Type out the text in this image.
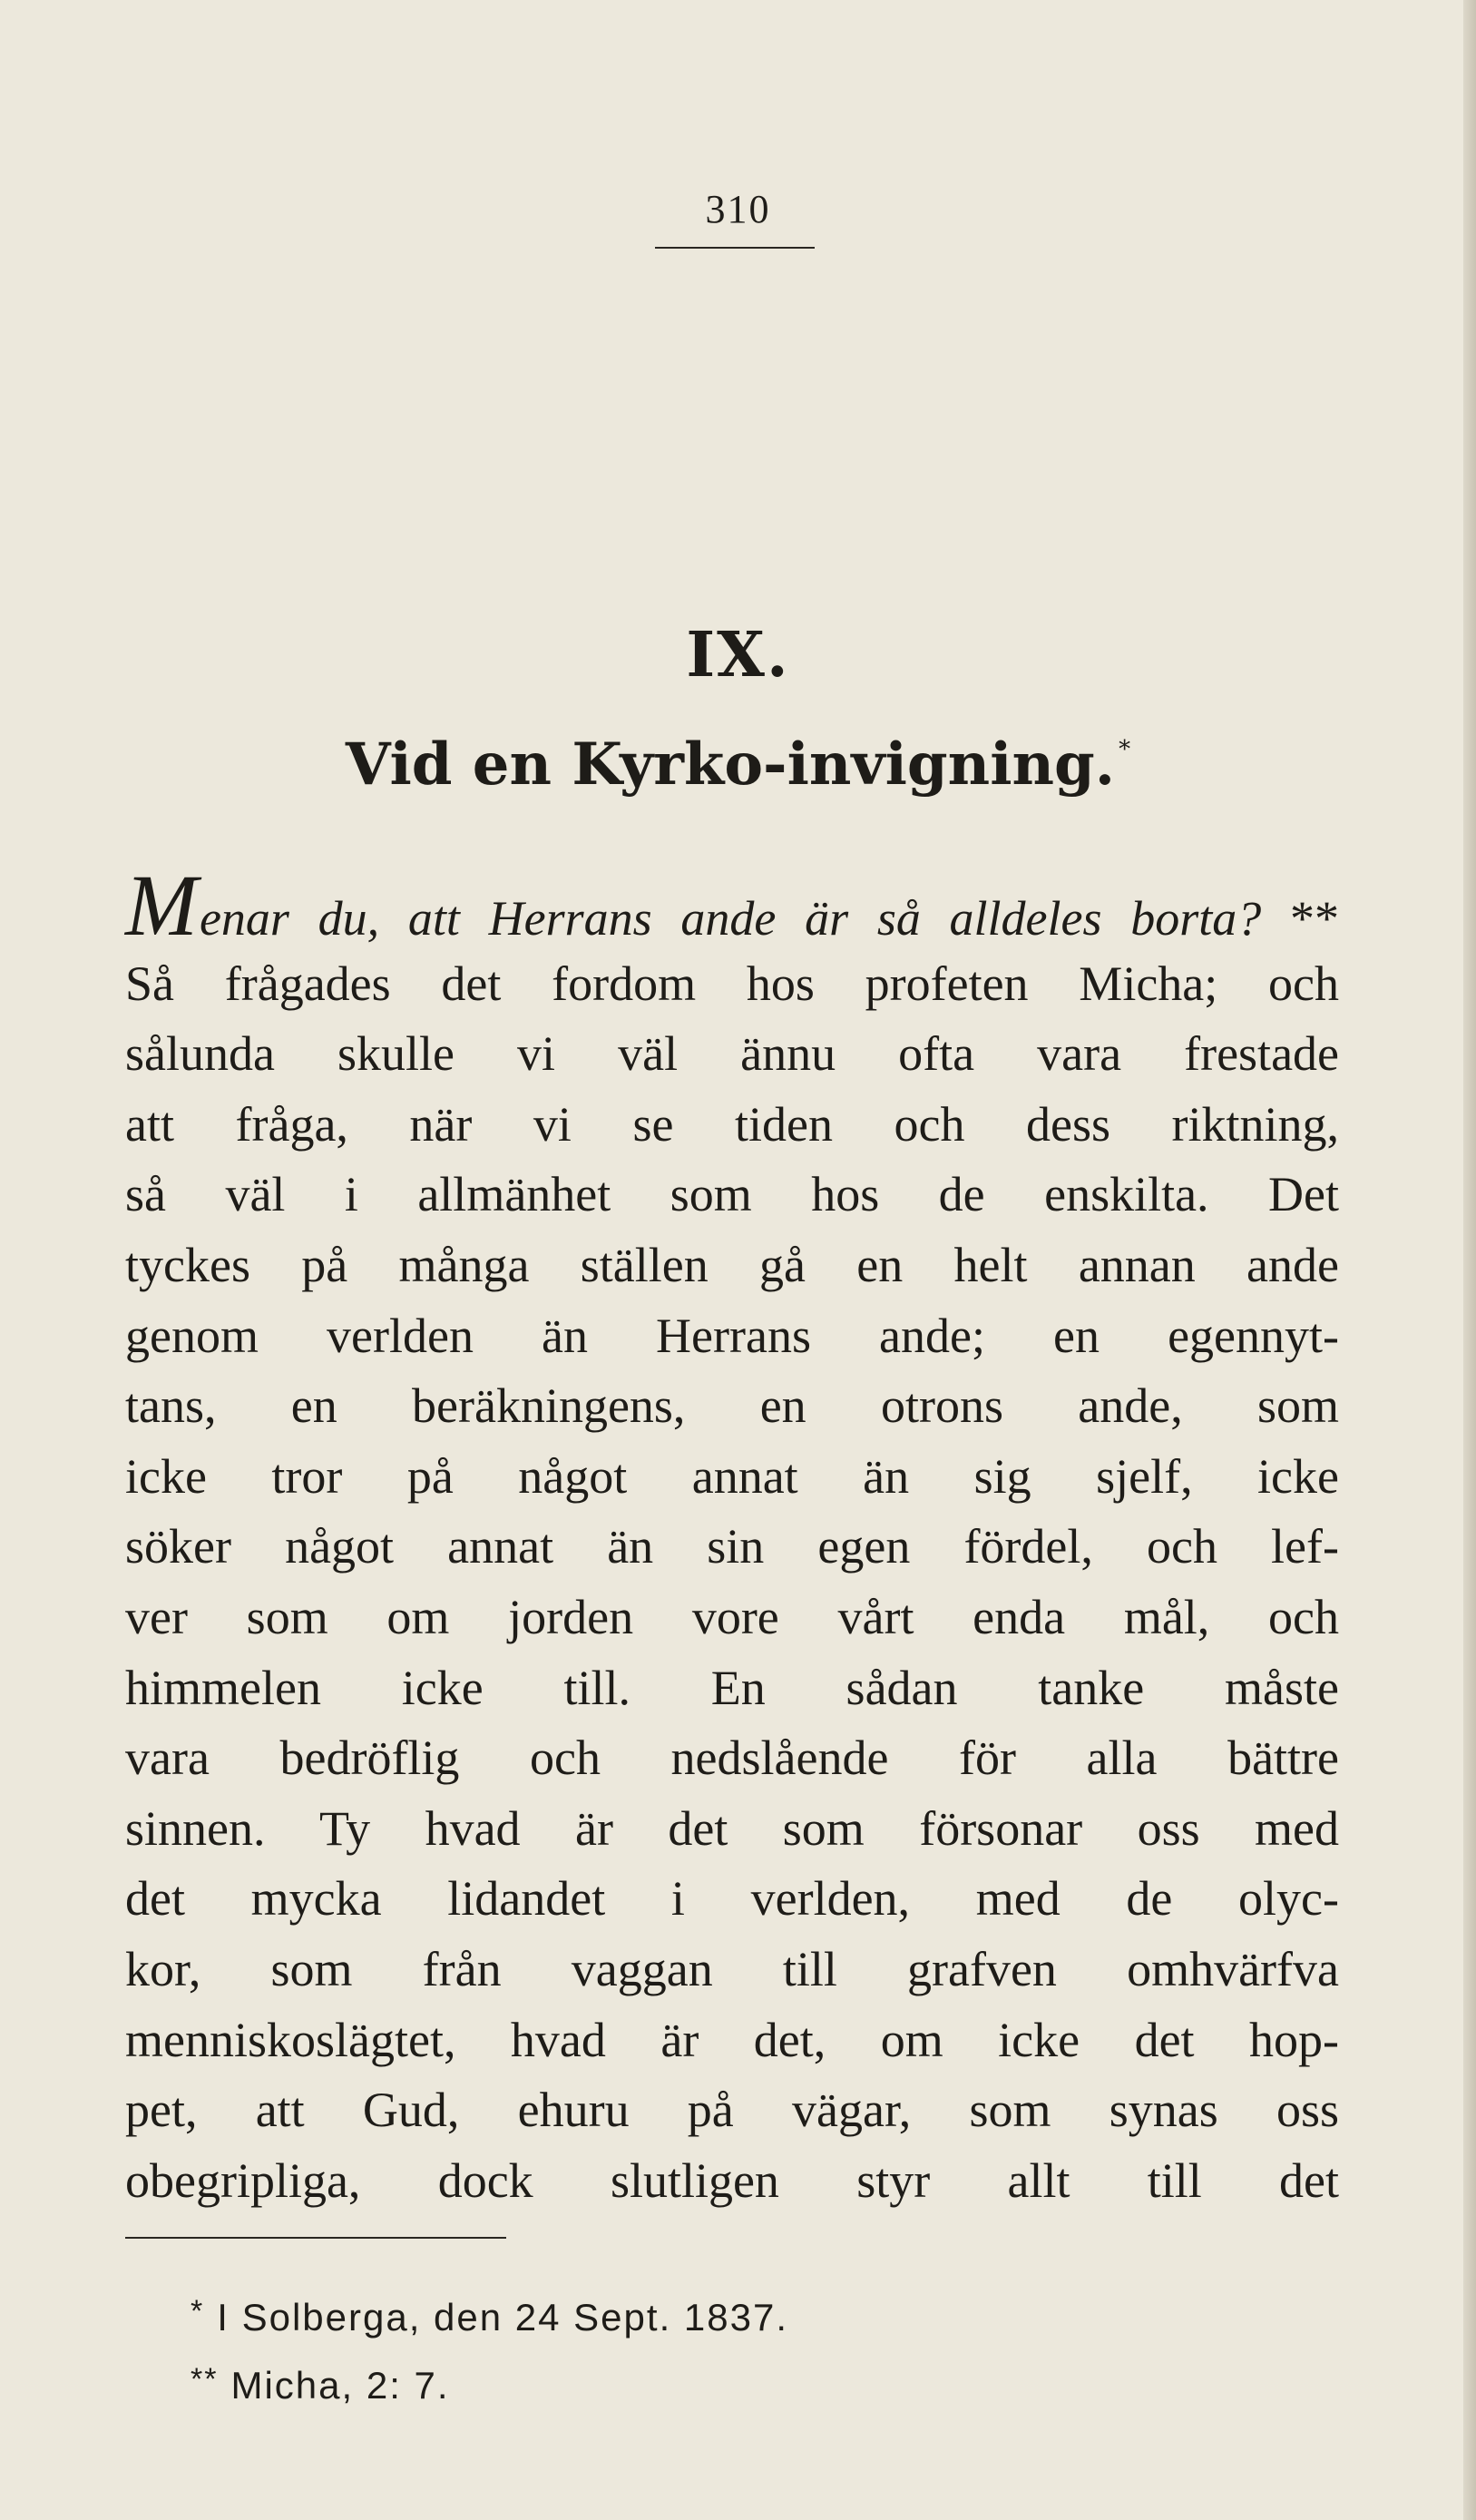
310
IX.
Vid en Kyrko-invigning. *
Menar du, att Herrans ande är så alldeles borta? **
Så frågades det fordom hos profeten Micha; och
sålunda skulle vi väl ännu ofta vara frestade
att fråga, när vi se tiden och dess riktning,
så väl i allmänhet som hos de enskilta. Det
tyckes på många ställen gå en helt annan ande
genom verlden än Herrans ande; en egennyt-
tans, en beräkningens, en otrons ande, som
icke tror på något annat än sig sjelf, icke
söker något annat än sin egen fördel, och lef-
ver som om jorden vore vårt enda mål, och
himmelen icke till. En sådan tanke måste
vara bedröflig och nedslående för alla bättre
sinnen. Ty hvad är det som försonar oss med
det mycka lidandet i verlden, med de olyc-
kor, som från vaggan till grafven omhvärfva
menniskoslägtet, hvad är det, om icke det hop-
pet, att Gud, ehuru på vägar, som synas oss
obegripliga, dock slutligen styr allt till det
* I Solberga, den 24 Sept. 1837.
** Micha, 2: 7.
